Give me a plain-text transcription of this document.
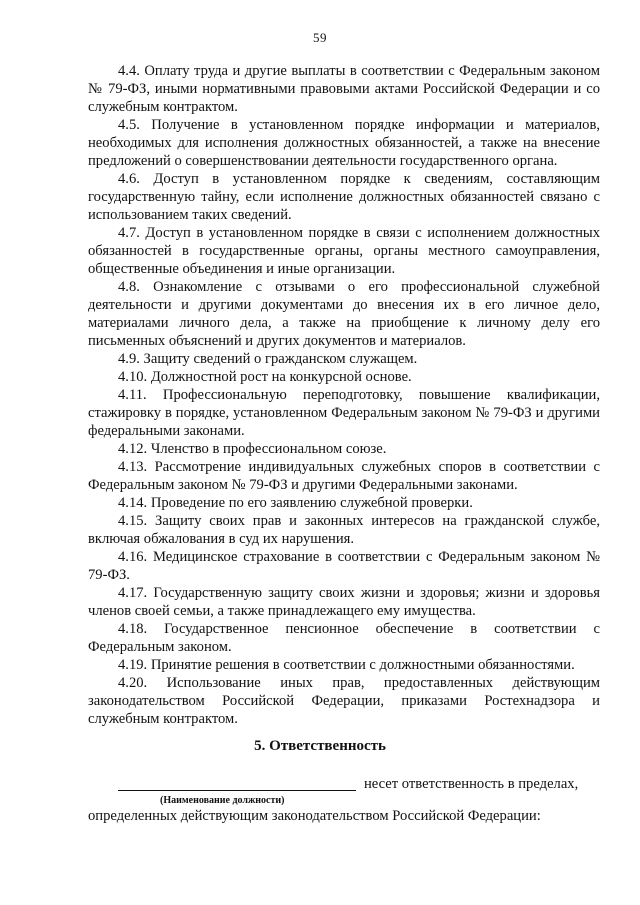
59

4.4. Оплату труда и другие выплаты в соответствии с Федеральным законом № 79-ФЗ, иными нормативными правовыми актами Российской Федерации и со служебным контрактом.

4.5. Получение в установленном порядке информации и материалов, необходимых для исполнения должностных обязанностей, а также на внесение предложений о совершенствовании деятельности государственного органа.

4.6. Доступ в установленном порядке к сведениям, составляющим государственную тайну, если исполнение должностных обязанностей связано с использованием таких сведений.

4.7. Доступ в установленном порядке в связи с исполнением должностных обязанностей в государственные органы, органы местного самоуправления, общественные объединения и иные организации.

4.8. Ознакомление с отзывами о его профессиональной служебной деятельности и другими документами до внесения их в его личное дело, материалами личного дела, а также на приобщение к личному делу его письменных объяснений и других документов и материалов.

4.9. Защиту сведений о гражданском служащем.

4.10. Должностной рост на конкурсной основе.

4.11. Профессиональную переподготовку, повышение квалификации, стажировку в порядке, установленном Федеральным законом № 79-ФЗ и другими федеральными законами.

4.12. Членство в профессиональном союзе.

4.13. Рассмотрение индивидуальных служебных споров в соответствии с Федеральным законом № 79-ФЗ и другими Федеральными законами.

4.14. Проведение по его заявлению служебной проверки.

4.15. Защиту своих прав и законных интересов на гражданской службе, включая обжалования в суд их нарушения.

4.16. Медицинское страхование в соответствии с Федеральным законом № 79-ФЗ.

4.17. Государственную защиту своих жизни и здоровья; жизни и здоровья членов своей семьи, а также принадлежащего ему имущества.

4.18. Государственное пенсионное обеспечение в соответствии с Федеральным законом.

4.19. Принятие решения в соответствии с должностными обязанностями.

4.20. Использование иных прав, предоставленных действующим законодательством Российской Федерации, приказами Ростехнадзора и служебным контрактом.

5. Ответственность
несет ответственность в пределах,
(Наименование должности)
определенных действующим законодательством Российской Федерации:
